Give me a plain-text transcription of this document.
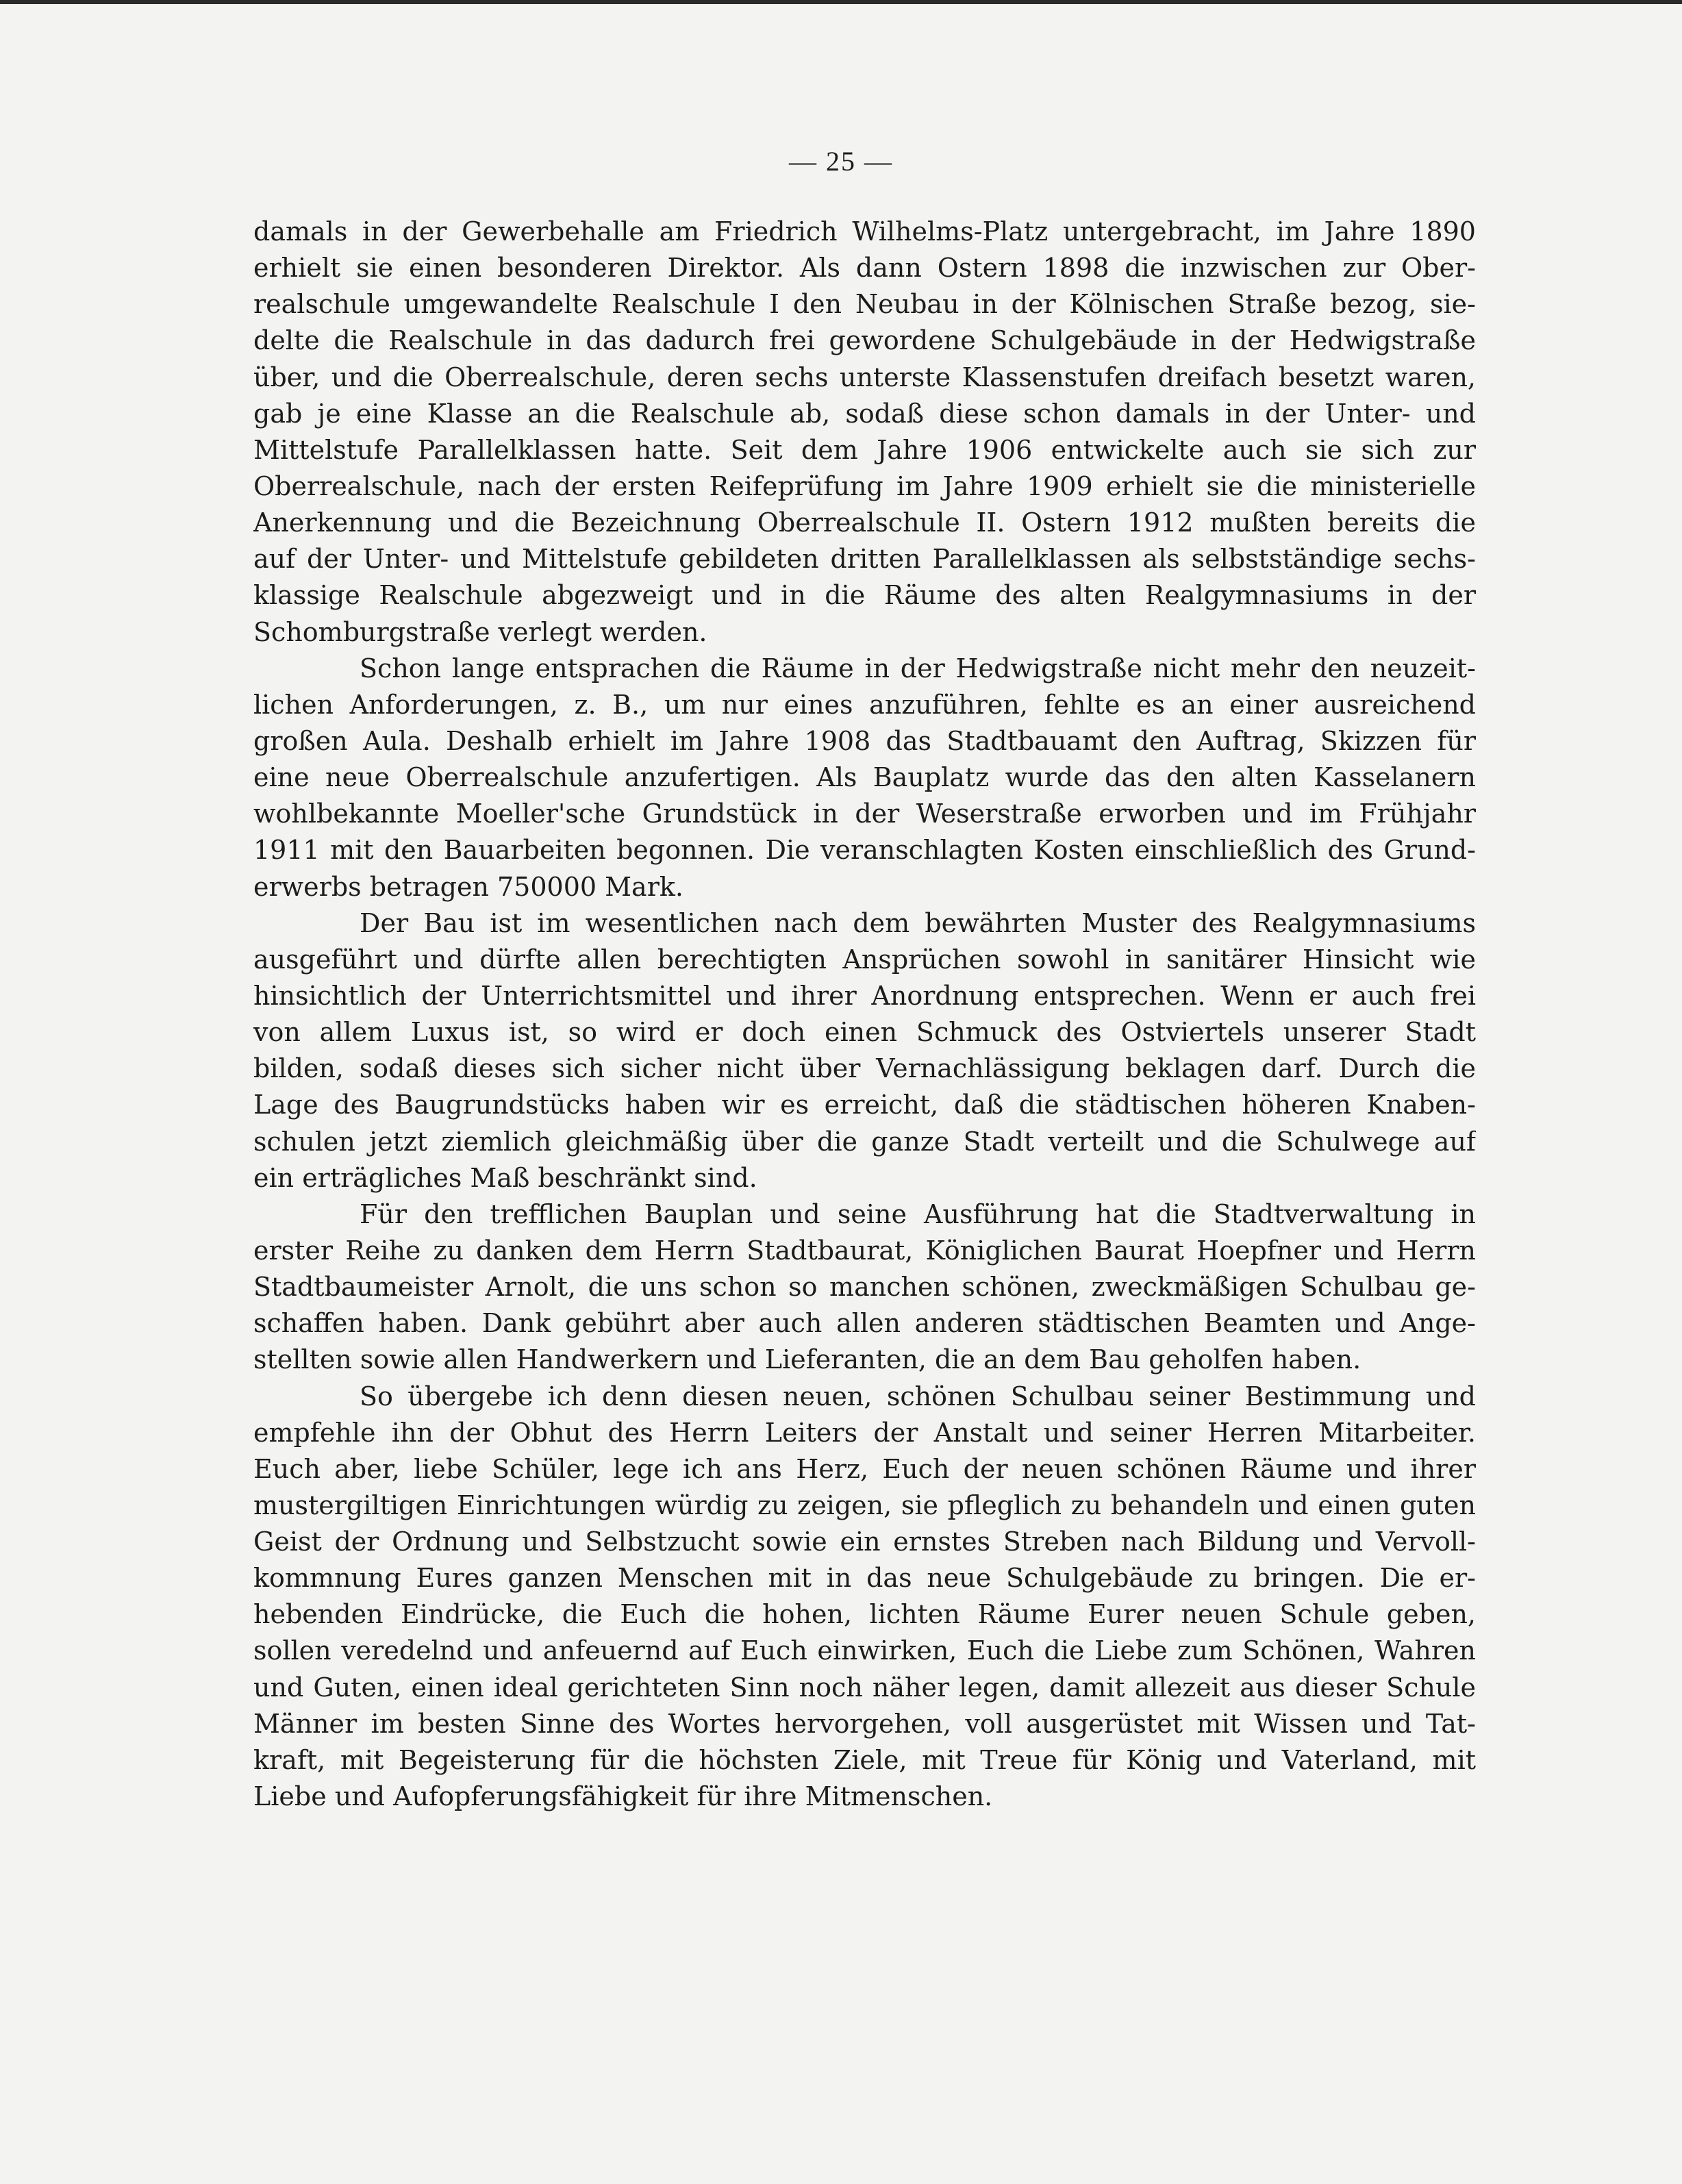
— 25 —
damals in der Gewerbehalle am Friedrich Wilhelms-Platz untergebracht, im Jahre 1890
erhielt sie einen besonderen Direktor. Als dann Ostern 1898 die inzwischen zur Ober-
realschule umgewandelte Realschule I den Neubau in der Kölnischen Straße bezog, sie-
delte die Realschule in das dadurch frei gewordene Schulgebäude in der Hedwigstraße
über, und die Oberrealschule, deren sechs unterste Klassenstufen dreifach besetzt waren,
gab je eine Klasse an die Realschule ab, sodaß diese schon damals in der Unter- und
Mittelstufe Parallelklassen hatte. Seit dem Jahre 1906 entwickelte auch sie sich zur
Oberrealschule, nach der ersten Reifeprüfung im Jahre 1909 erhielt sie die ministerielle
Anerkennung und die Bezeichnung Oberrealschule II. Ostern 1912 mußten bereits die
auf der Unter- und Mittelstufe gebildeten dritten Parallelklassen als selbstständige sechs-
klassige Realschule abgezweigt und in die Räume des alten Realgymnasiums in der
Schomburgstraße verlegt werden.
Schon lange entsprachen die Räume in der Hedwigstraße nicht mehr den neuzeit-
lichen Anforderungen, z. B., um nur eines anzuführen, fehlte es an einer ausreichend
großen Aula. Deshalb erhielt im Jahre 1908 das Stadtbauamt den Auftrag, Skizzen für
eine neue Oberrealschule anzufertigen. Als Bauplatz wurde das den alten Kasselanern
wohlbekannte Moeller'sche Grundstück in der Weserstraße erworben und im Frühjahr
1911 mit den Bauarbeiten begonnen. Die veranschlagten Kosten einschließlich des Grund-
erwerbs betragen 750000 Mark.
Der Bau ist im wesentlichen nach dem bewährten Muster des Realgymnasiums
ausgeführt und dürfte allen berechtigten Ansprüchen sowohl in sanitärer Hinsicht wie
hinsichtlich der Unterrichtsmittel und ihrer Anordnung entsprechen. Wenn er auch frei
von allem Luxus ist, so wird er doch einen Schmuck des Ostviertels unserer Stadt
bilden, sodaß dieses sich sicher nicht über Vernachlässigung beklagen darf. Durch die
Lage des Baugrundstücks haben wir es erreicht, daß die städtischen höheren Knaben-
schulen jetzt ziemlich gleichmäßig über die ganze Stadt verteilt und die Schulwege auf
ein erträgliches Maß beschränkt sind.
Für den trefflichen Bauplan und seine Ausführung hat die Stadtverwaltung in
erster Reihe zu danken dem Herrn Stadtbaurat, Königlichen Baurat Hoepfner und Herrn
Stadtbaumeister Arnolt, die uns schon so manchen schönen, zweckmäßigen Schulbau ge-
schaffen haben. Dank gebührt aber auch allen anderen städtischen Beamten und Ange-
stellten sowie allen Handwerkern und Lieferanten, die an dem Bau geholfen haben.
So übergebe ich denn diesen neuen, schönen Schulbau seiner Bestimmung und
empfehle ihn der Obhut des Herrn Leiters der Anstalt und seiner Herren Mitarbeiter.
Euch aber, liebe Schüler, lege ich ans Herz, Euch der neuen schönen Räume und ihrer
mustergiltigen Einrichtungen würdig zu zeigen, sie pfleglich zu behandeln und einen guten
Geist der Ordnung und Selbstzucht sowie ein ernstes Streben nach Bildung und Vervoll-
kommnung Eures ganzen Menschen mit in das neue Schulgebäude zu bringen. Die er-
hebenden Eindrücke, die Euch die hohen, lichten Räume Eurer neuen Schule geben,
sollen veredelnd und anfeuernd auf Euch einwirken, Euch die Liebe zum Schönen, Wahren
und Guten, einen ideal gerichteten Sinn noch näher legen, damit allezeit aus dieser Schule
Männer im besten Sinne des Wortes hervorgehen, voll ausgerüstet mit Wissen und Tat-
kraft, mit Begeisterung für die höchsten Ziele, mit Treue für König und Vaterland, mit
Liebe und Aufopferungsfähigkeit für ihre Mitmenschen.
